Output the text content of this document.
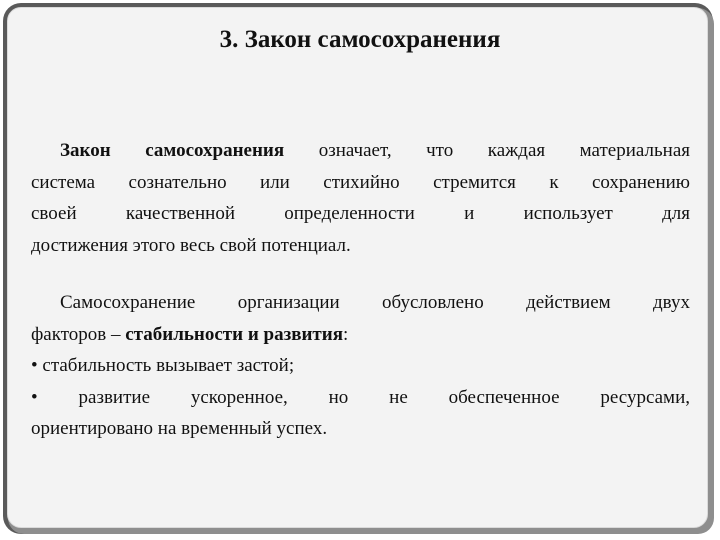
3. Закон самосохранения
Закон самосохранения означает, что каждая материальная
система сознательно или стихийно стремится к сохранению
своей качественной определенности и использует для
достижения этого весь свой потенциал.
Самосохранение организации обусловлено действием двух
факторов – стабильности и развития:
• стабильность вызывает застой;
• развитие ускоренное, но не обеспеченное ресурсами,
ориентировано на временный успех.
